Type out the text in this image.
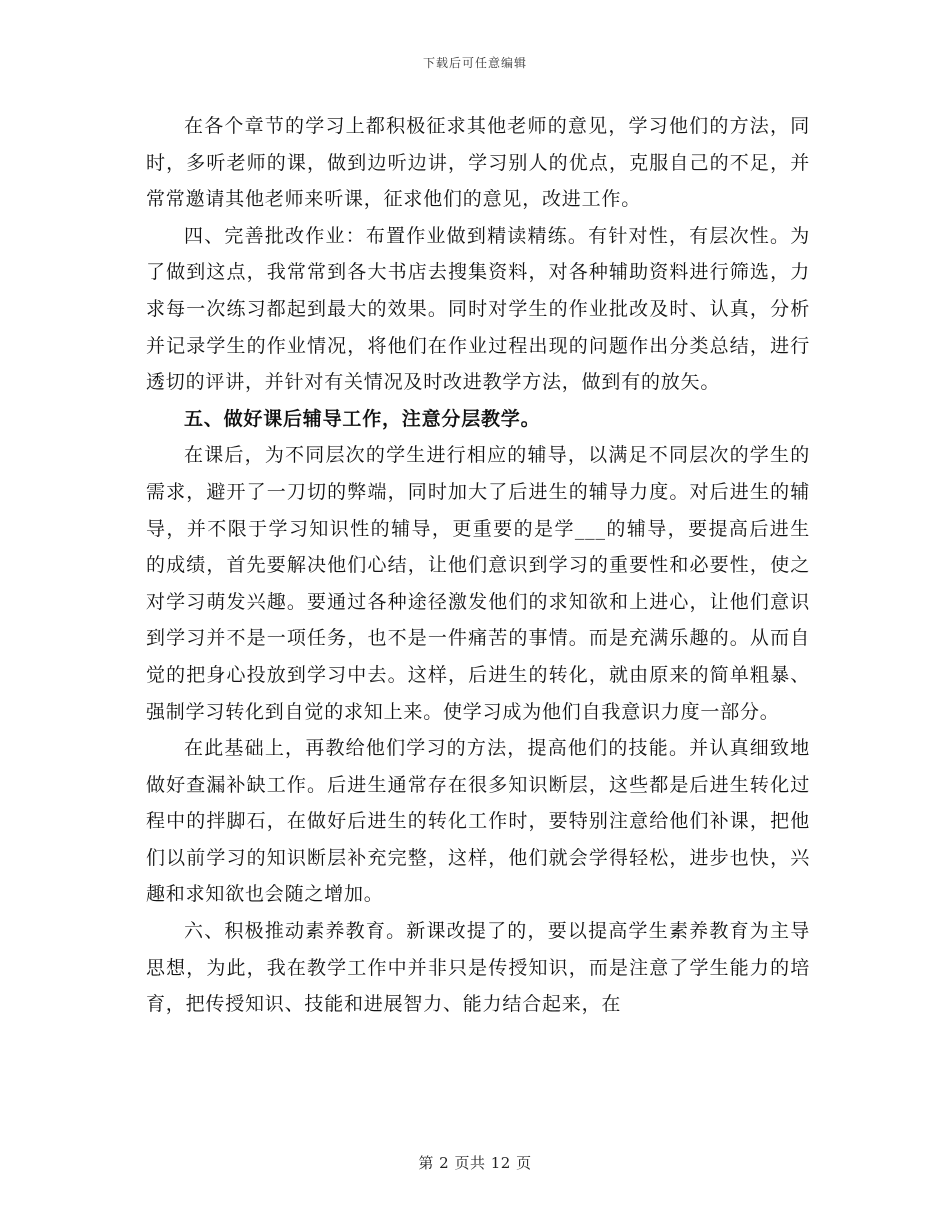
下载后可任意编辑

在各个章节的学习上都积极征求其他老师的意见，学习他们的方法，同时，多听老师的课，做到边听边讲，学习别人的优点，克服自己的不足，并常常邀请其他老师来听课，征求他们的意见，改进工作。

四、完善批改作业：布置作业做到精读精练。有针对性，有层次性。为了做到这点，我常常到各大书店去搜集资料，对各种辅助资料进行筛选，力求每一次练习都起到最大的效果。同时对学生的作业批改及时、认真，分析并记录学生的作业情况，将他们在作业过程出现的问题作出分类总结，进行透切的评讲，并针对有关情况及时改进教学方法，做到有的放矢。

五、做好课后辅导工作，注意分层教学。

在课后，为不同层次的学生进行相应的辅导，以满足不同层次的学生的需求，避开了一刀切的弊端，同时加大了后进生的辅导力度。对后进生的辅导，并不限于学习知识性的辅导，更重要的是学___的辅导，要提高后进生的成绩，首先要解决他们心结，让他们意识到学习的重要性和必要性，使之对学习萌发兴趣。要通过各种途径激发他们的求知欲和上进心，让他们意识到学习并不是一项任务，也不是一件痛苦的事情。而是充满乐趣的。从而自觉的把身心投放到学习中去。这样，后进生的转化，就由原来的简单粗暴、强制学习转化到自觉的求知上来。使学习成为他们自我意识力度一部分。

在此基础上，再教给他们学习的方法，提高他们的技能。并认真细致地做好查漏补缺工作。后进生通常存在很多知识断层，这些都是后进生转化过程中的拌脚石，在做好后进生的转化工作时，要特别注意给他们补课，把他们以前学习的知识断层补充完整，这样，他们就会学得轻松，进步也快，兴趣和求知欲也会随之增加。

六、积极推动素养教育。新课改提了的，要以提高学生素养教育为主导思想，为此，我在教学工作中并非只是传授知识，而是注意了学生能力的培育，把传授知识、技能和进展智力、能力结合起来，在

第 2 页共 12 页
